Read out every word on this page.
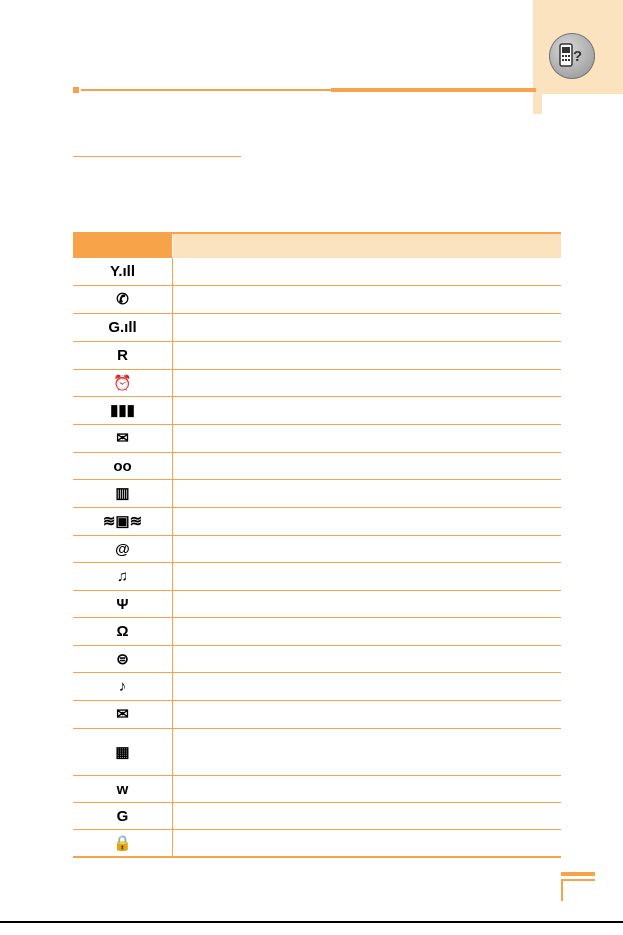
?
Y.ıll
✆
G.ıll
R
⏰
▮▮▮
✉
oo
▥
≋▣≋
@
♫
Ψ
Ω
⊜
♪
✉
▦
w
G
🔒
